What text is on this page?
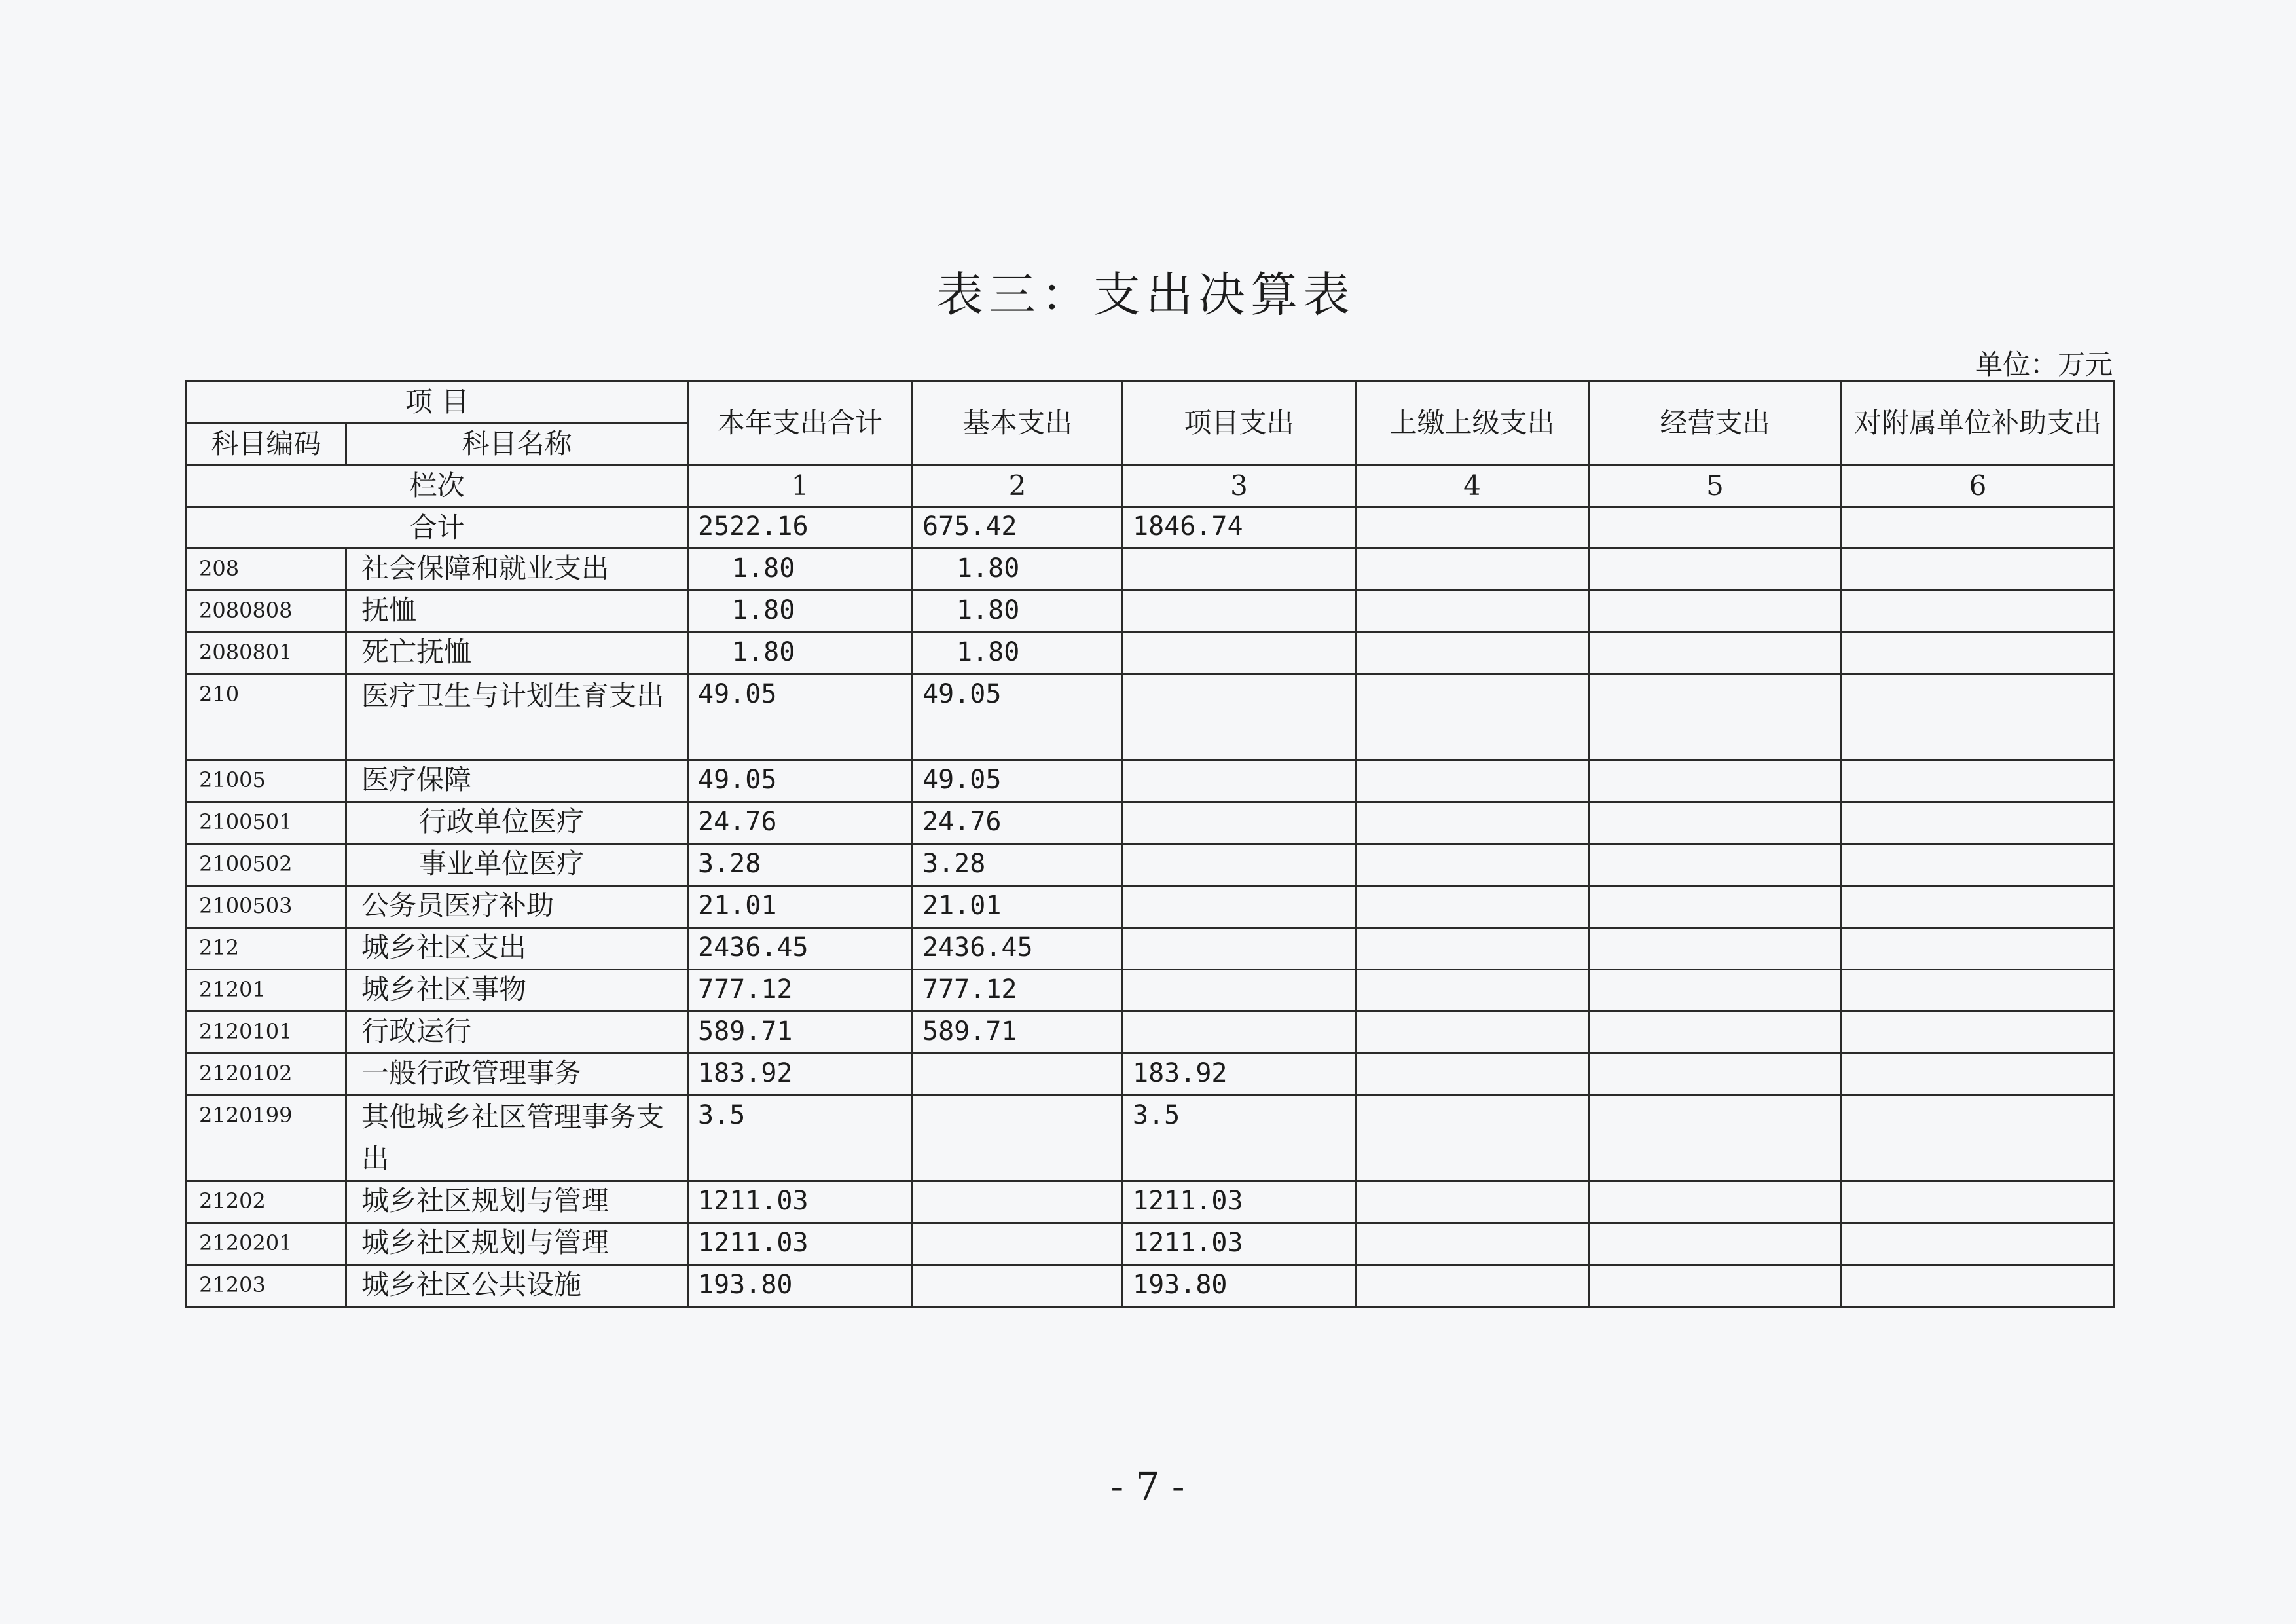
表三：支出决算表
单位：万元
项 目		本年支出合计	基本支出	项目支出	上缴上级支出	经营支出	对附属单位补助支出
科目编码	科目名称						
栏次		1	2	3	4	5	6
合计		2522.16	675.42	1846.74			
208	社会保障和就业支出	1.80	1.80				
2080808	抚恤	1.80	1.80				
2080801	死亡抚恤	1.80	1.80				
210	医疗卫生与计划生育支出	49.05	49.05				
21005	医疗保障	49.05	49.05				
2100501	行政单位医疗	24.76	24.76				
2100502	事业单位医疗	3.28	3.28				
2100503	公务员医疗补助	21.01	21.01				
212	城乡社区支出	2436.45	2436.45				
21201	城乡社区事物	777.12	777.12				
2120101	行政运行	589.71	589.71				
2120102	一般行政管理事务	183.92		183.92			
2120199	其他城乡社区管理事务支出	3.5		3.5			
21202	城乡社区规划与管理	1211.03		1211.03			
2120201	城乡社区规划与管理	1211.03		1211.03			
21203	城乡社区公共设施	193.80		193.80			
- 7 -
